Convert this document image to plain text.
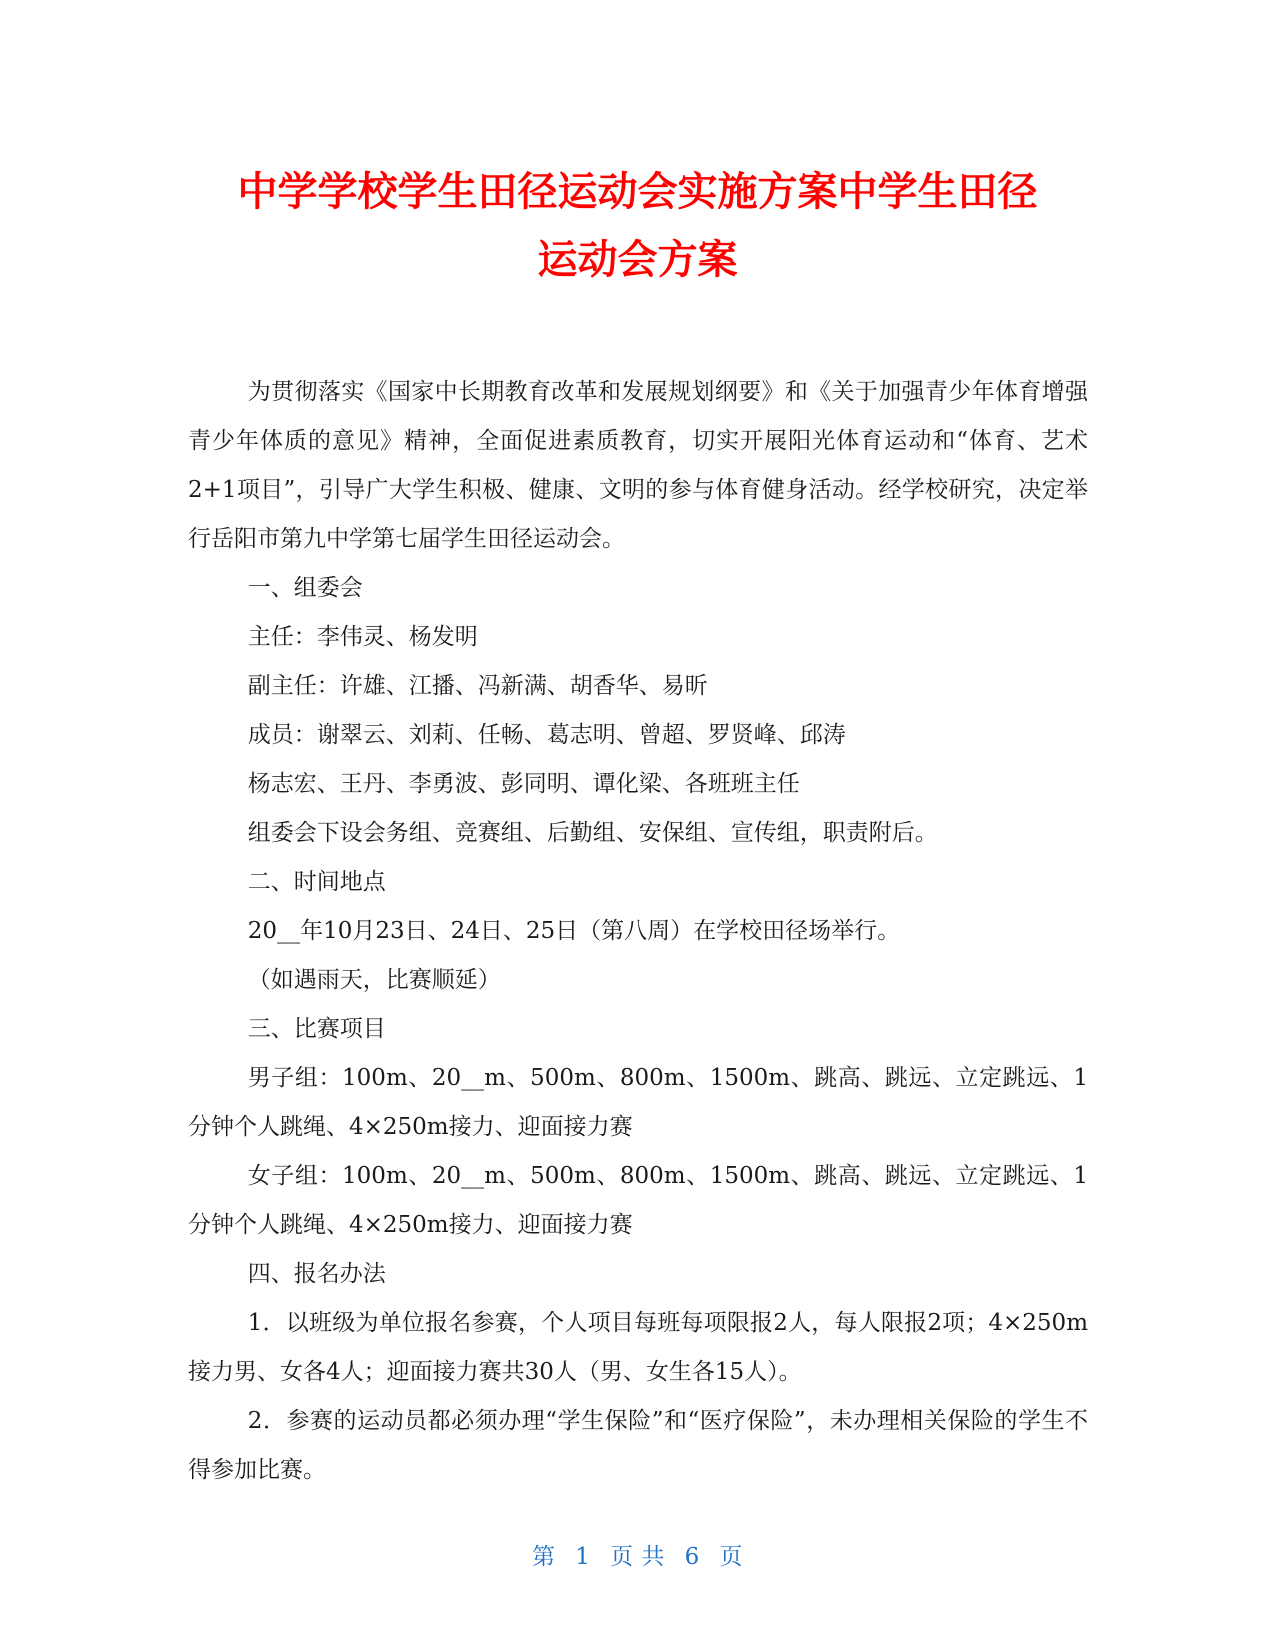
中学学校学生田径运动会实施方案中学生田径
运动会方案

为贯彻落实《国家中长期教育改革和发展规划纲要》和《关于加强青少年体育增强青少年体质的意见》精神，全面促进素质教育，切实开展阳光体育运动和“体育、艺术2+1项目”，引导广大学生积极、健康、文明的参与体育健身活动。经学校研究，决定举行岳阳市第九中学第七届学生田径运动会。

一、组委会

主任：李伟灵、杨发明

副主任：许雄、江播、冯新满、胡香华、易昕

成员：谢翠云、刘莉、任畅、葛志明、曾超、罗贤峰、邱涛

杨志宏、王丹、李勇波、彭同明、谭化梁、各班班主任

组委会下设会务组、竞赛组、后勤组、安保组、宣传组，职责附后。

二、时间地点

20__年10月23日、24日、25日（第八周）在学校田径场举行。

（如遇雨天，比赛顺延）

三、比赛项目

男子组：100m、20__m、500m、800m、1500m、跳高、跳远、立定跳远、1分钟个人跳绳、4×250m接力、迎面接力赛

女子组：100m、20__m、500m、800m、1500m、跳高、跳远、立定跳远、1分钟个人跳绳、4×250m接力、迎面接力赛

四、报名办法

1．以班级为单位报名参赛，个人项目每班每项限报2人，每人限报2项；4×250m接力男、女各4人；迎面接力赛共30人（男、女生各15人）。

2．参赛的运动员都必须办理“学生保险”和“医疗保险”，未办理相关保险的学生不得参加比赛。

第 1 页 共 6 页
